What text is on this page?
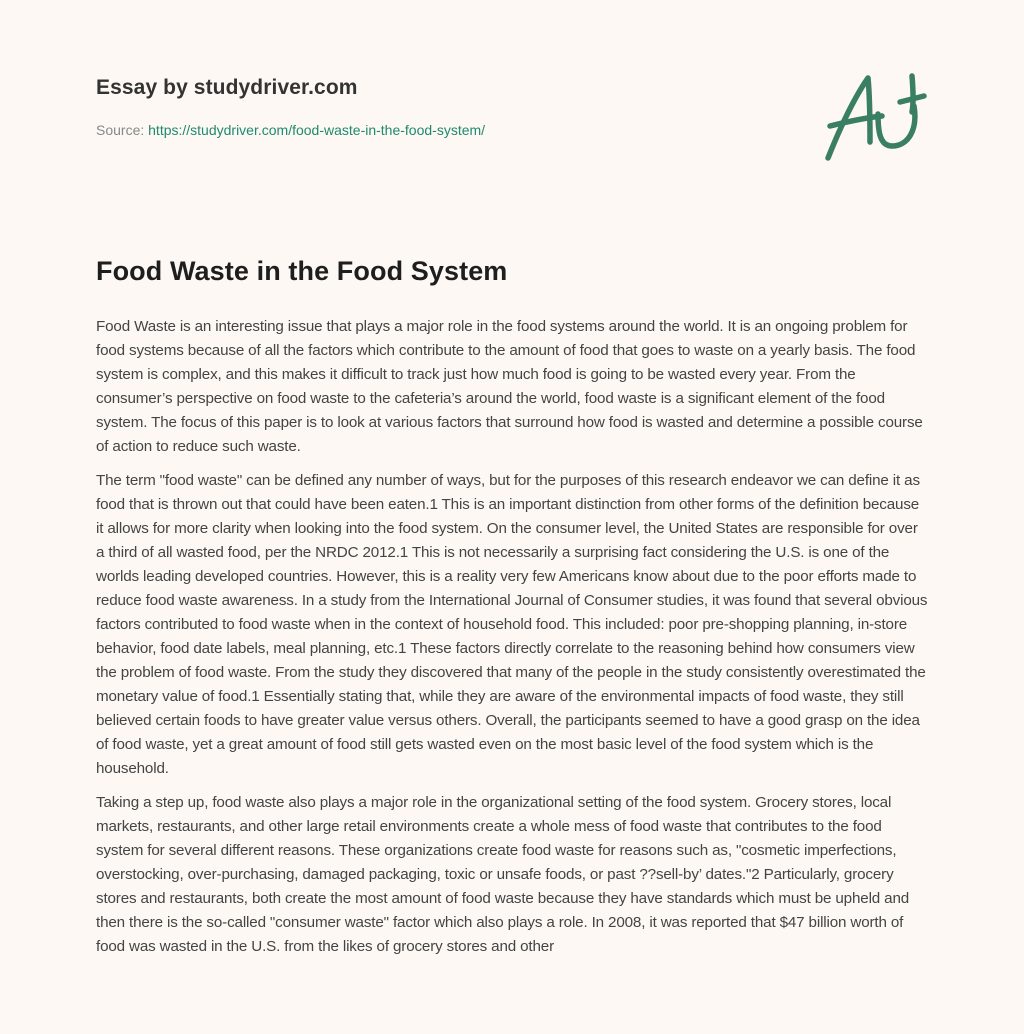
Essay by studydriver.com
Source: https://studydriver.com/food-waste-in-the-food-system/
Food Waste in the Food System

Food Waste is an interesting issue that plays a major role in the food systems around the world. It is an ongoing problem for food systems because of all the factors which contribute to the amount of food that goes to waste on a yearly basis. The food system is complex, and this makes it difficult to track just how much food is going to be wasted every year. From the consumer’s perspective on food waste to the cafeteria’s around the world, food waste is a significant element of the food system. The focus of this paper is to look at various factors that surround how food is wasted and determine a possible course of action to reduce such waste.

The term "food waste" can be defined any number of ways, but for the purposes of this research endeavor we can define it as food that is thrown out that could have been eaten.1 This is an important distinction from other forms of the definition because it allows for more clarity when looking into the food system. On the consumer level, the United States are responsible for over a third of all wasted food, per the NRDC 2012.1 This is not necessarily a surprising fact considering the U.S. is one of the worlds leading developed countries. However, this is a reality very few Americans know about due to the poor efforts made to reduce food waste awareness. In a study from the International Journal of Consumer studies, it was found that several obvious factors contributed to food waste when in the context of household food. This included: poor pre-shopping planning, in-store behavior, food date labels, meal planning, etc.1 These factors directly correlate to the reasoning behind how consumers view the problem of food waste. From the study they discovered that many of the people in the study consistently overestimated the monetary value of food.1 Essentially stating that, while they are aware of the environmental impacts of food waste, they still believed certain foods to have greater value versus others. Overall, the participants seemed to have a good grasp on the idea of food waste, yet a great amount of food still gets wasted even on the most basic level of the food system which is the household.

Taking a step up, food waste also plays a major role in the organizational setting of the food system. Grocery stores, local markets, restaurants, and other large retail environments create a whole mess of food waste that contributes to the food system for several different reasons. These organizations create food waste for reasons such as, "cosmetic imperfections, overstocking, over-purchasing, damaged packaging, toxic or unsafe foods, or past ??sell-by’ dates."2 Particularly, grocery stores and restaurants, both create the most amount of food waste because they have standards which must be upheld and then there is the so-called "consumer waste" factor which also plays a role. In 2008, it was reported that $47 billion worth of food was wasted in the U.S. from the likes of grocery stores and other
